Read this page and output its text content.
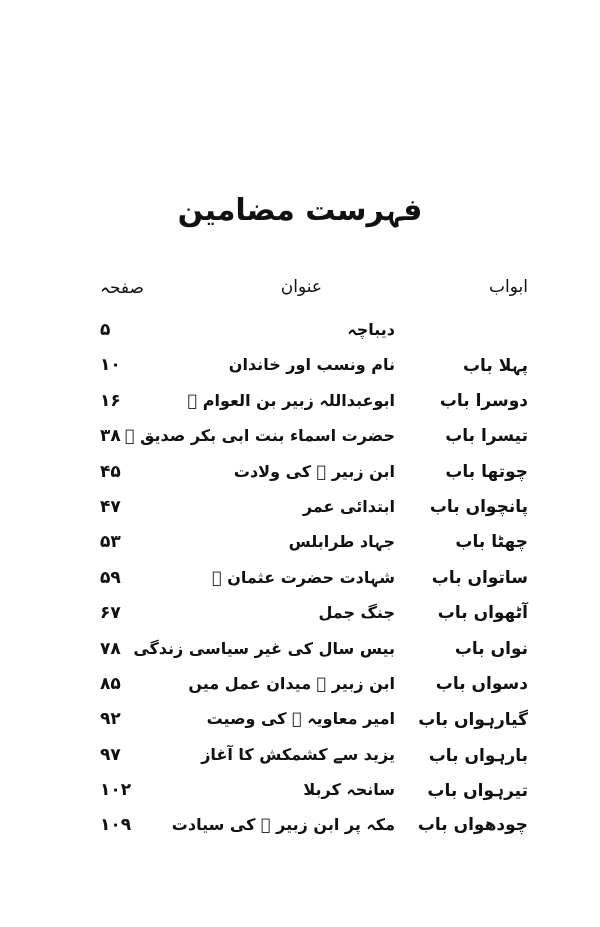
فہرست مضامین
ابواب
عنوان
صفحہ
دیباچہ
۵
پہلا باب
نام ونسب اور خاندان
۱۰
دوسرا باب
ابوعبداللہ زبیر بن العوام ﷜
۱۶
تیسرا باب
حضرت اسماء بنت ابی بکر صدیق ﷠
۳۸
چوتھا باب
ابن زبیر ﷠ کی ولادت
۴۵
پانچواں باب
ابتدائی عمر
۴۷
چھٹا باب
جہاد طرابلس
۵۳
ساتواں باب
شہادت حضرت عثمان ﷜
۵۹
آٹھواں باب
جنگ جمل
۶۷
نواں باب
بیس سال کی غیر سیاسی زندگی
۷۸
دسواں باب
ابن زبیر ﷠ میدان عمل میں
۸۵
گیارہواں باب
امیر معاویہ ﷜ کی وصیت
۹۲
بارہواں باب
یزید سے کشمکش کا آغاز
۹۷
تیرہواں باب
سانحہ کربلا
۱۰۲
چودھواں باب
مکہ پر ابن زبیر ﷠ کی سیادت
۱۰۹
